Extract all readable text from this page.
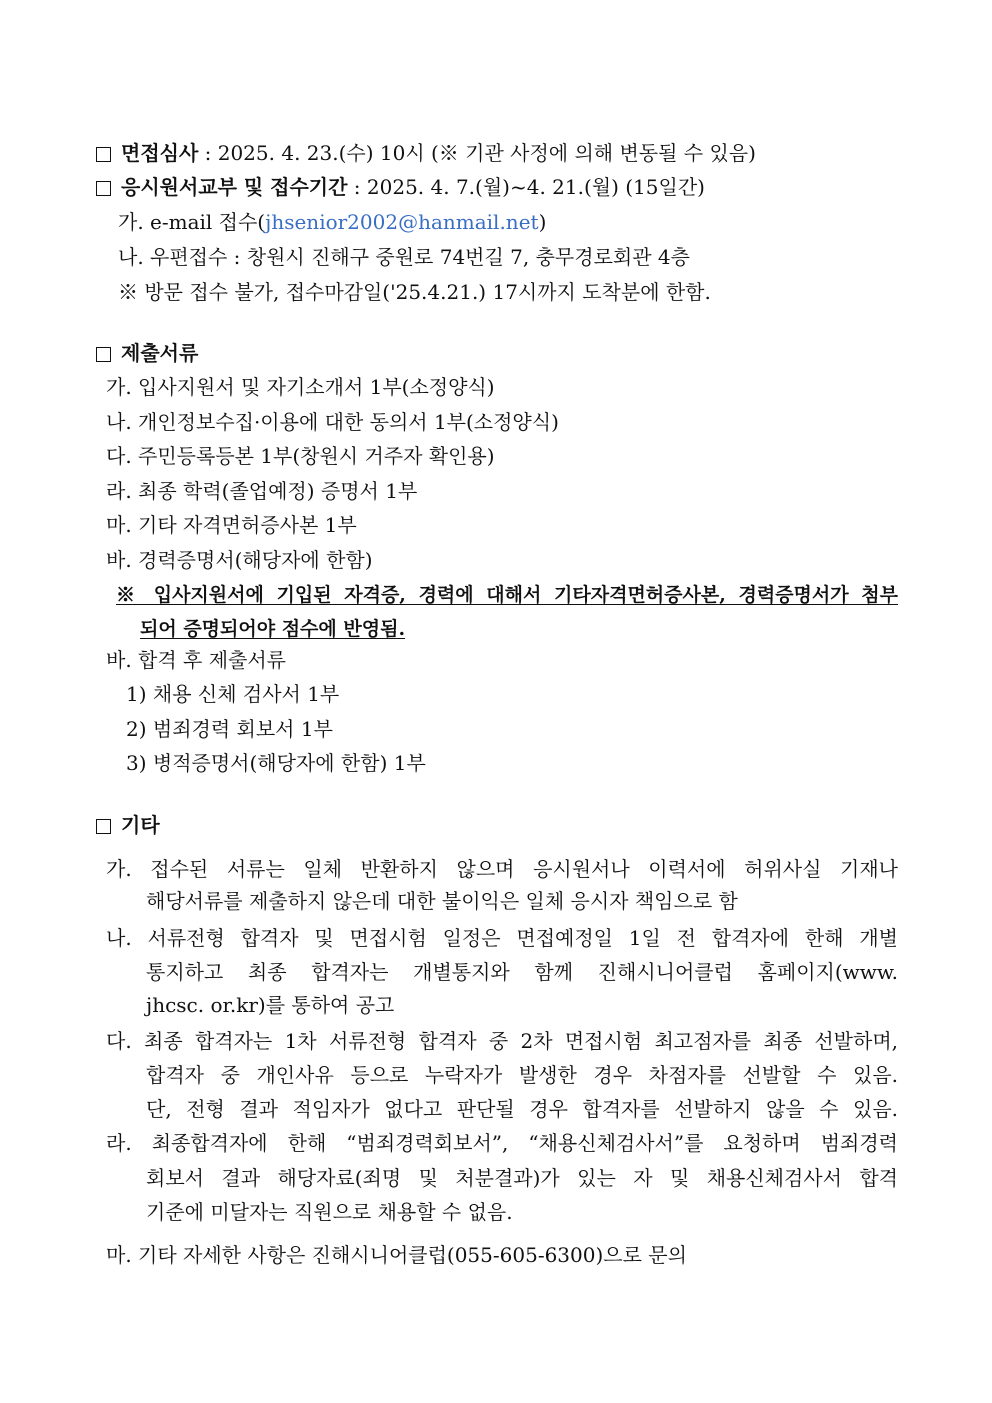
면접심사 : 2025. 4. 23.(수) 10시 (※ 기관 사정에 의해 변동될 수 있음)
응시원서교부 및 접수기간 : 2025. 4. 7.(월)~4. 21.(월) (15일간)
가. e-mail 접수(jhsenior2002@hanmail.net)
나. 우편접수 : 창원시 진해구 중원로 74번길 7, 충무경로회관 4층
※ 방문 접수 불가, 접수마감일('25.4.21.) 17시까지 도착분에 한함.
제출서류
가. 입사지원서 및 자기소개서 1부(소정양식)
나. 개인정보수집·이용에 대한 동의서 1부(소정양식)
다. 주민등록등본 1부(창원시 거주자 확인용)
라. 최종 학력(졸업예정) 증명서 1부
마. 기타 자격면허증사본 1부
바. 경력증명서(해당자에 한함)
※ 입사지원서에 기입된 자격증, 경력에 대해서 기타자격면허증사본, 경력증명서가 첨부
되어 증명되어야 점수에 반영됨.
바. 합격 후 제출서류
1) 채용 신체 검사서 1부
2) 범죄경력 회보서 1부
3) 병적증명서(해당자에 한함) 1부
기타
가. 접수된 서류는 일체 반환하지 않으며 응시원서나 이력서에 허위사실 기재나
해당서류를 제출하지 않은데 대한 불이익은 일체 응시자 책임으로 함
나. 서류전형 합격자 및 면접시험 일정은 면접예정일 1일 전 합격자에 한해 개별
통지하고 최종 합격자는 개별통지와 함께 진해시니어클럽 홈페이지(www.
jhcsc. or.kr)를 통하여 공고
다. 최종 합격자는 1차 서류전형 합격자 중 2차 면접시험 최고점자를 최종 선발하며,
합격자 중 개인사유 등으로 누락자가 발생한 경우 차점자를 선발할 수 있음.
단, 전형 결과 적임자가 없다고 판단될 경우 합격자를 선발하지 않을 수 있음.
라. 최종합격자에 한해 “범죄경력회보서”, “채용신체검사서”를 요청하며 범죄경력
회보서 결과 해당자료(죄명 및 처분결과)가 있는 자 및 채용신체검사서 합격
기준에 미달자는 직원으로 채용할 수 없음.
마. 기타 자세한 사항은 진해시니어클럽(055-605-6300)으로 문의
